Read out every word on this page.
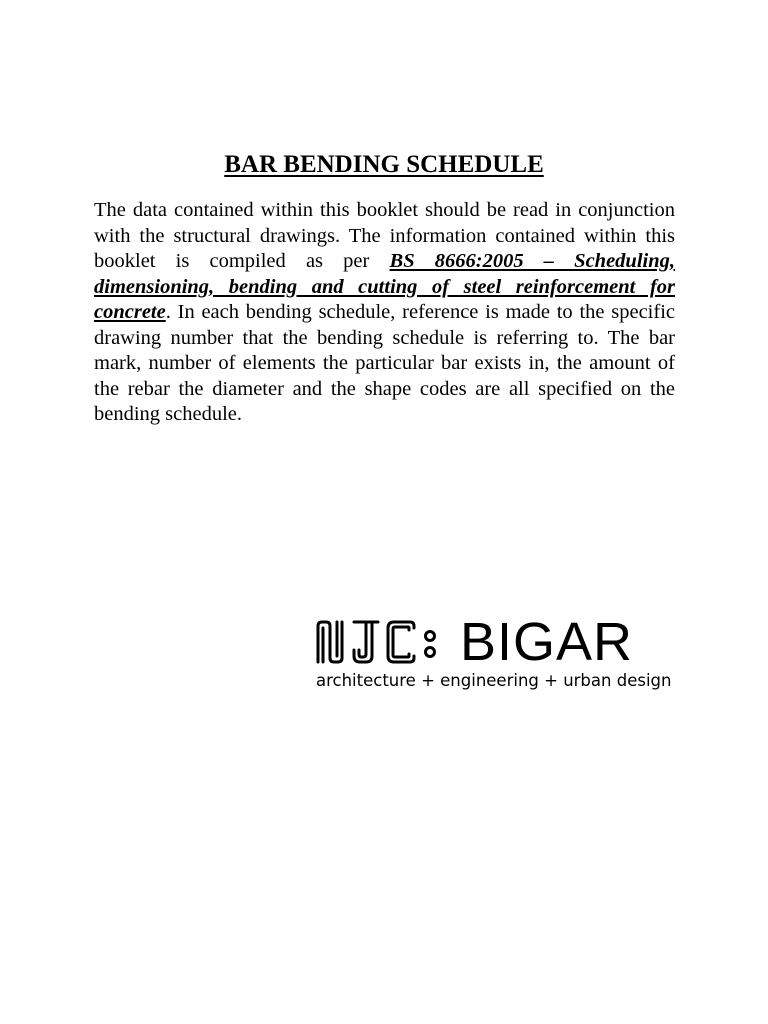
BAR BENDING SCHEDULE

The data contained within this booklet should be read in conjunction with the structural drawings. The information contained within this booklet is compiled as per BS 8666:2005 – Scheduling, dimensioning, bending and cutting of steel reinforcement for concrete. In each bending schedule, reference is made to the specific drawing number that the bending schedule is referring to. The bar mark, number of elements the particular bar exists in, the amount of the rebar the diameter and the shape codes are all specified on the bending schedule.

BIGAR
architecture + engineering + urban design
